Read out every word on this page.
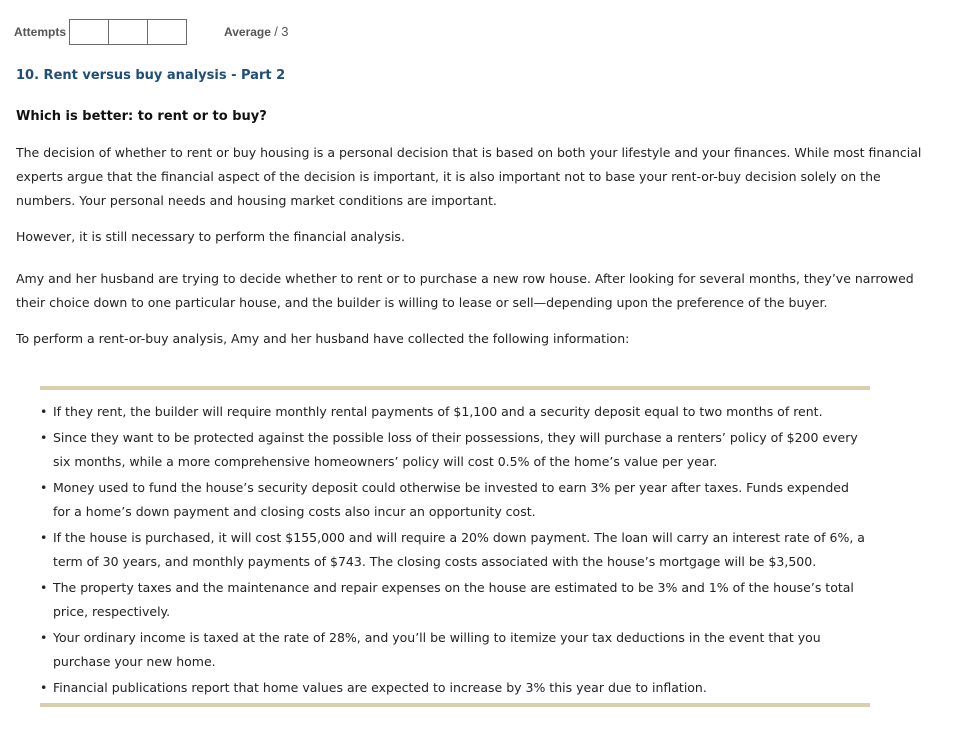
Attempts	Average / 3
10. Rent versus buy analysis - Part 2
Which is better: to rent or to buy?

The decision of whether to rent or buy housing is a personal decision that is based on both your lifestyle and your finances. While most financial experts argue that the financial aspect of the decision is important, it is also important not to base your rent-or-buy decision solely on the numbers. Your personal needs and housing market conditions are important.

However, it is still necessary to perform the financial analysis.

Amy and her husband are trying to decide whether to rent or to purchase a new row house. After looking for several months, they’ve narrowed their choice down to one particular house, and the builder is willing to lease or sell—depending upon the preference of the buyer.

To perform a rent-or-buy analysis, Amy and her husband have collected the following information:

• If they rent, the builder will require monthly rental payments of $1,100 and a security deposit equal to two months of rent.
• Since they want to be protected against the possible loss of their possessions, they will purchase a renters’ policy of $200 every six months, while a more comprehensive homeowners’ policy will cost 0.5% of the home’s value per year.
• Money used to fund the house’s security deposit could otherwise be invested to earn 3% per year after taxes. Funds expended for a home’s down payment and closing costs also incur an opportunity cost.
• If the house is purchased, it will cost $155,000 and will require a 20% down payment. The loan will carry an interest rate of 6%, a term of 30 years, and monthly payments of $743. The closing costs associated with the house’s mortgage will be $3,500.
• The property taxes and the maintenance and repair expenses on the house are estimated to be 3% and 1% of the house’s total price, respectively.
• Your ordinary income is taxed at the rate of 28%, and you’ll be willing to itemize your tax deductions in the event that you purchase your new home.
• Financial publications report that home values are expected to increase by 3% this year due to inflation.
